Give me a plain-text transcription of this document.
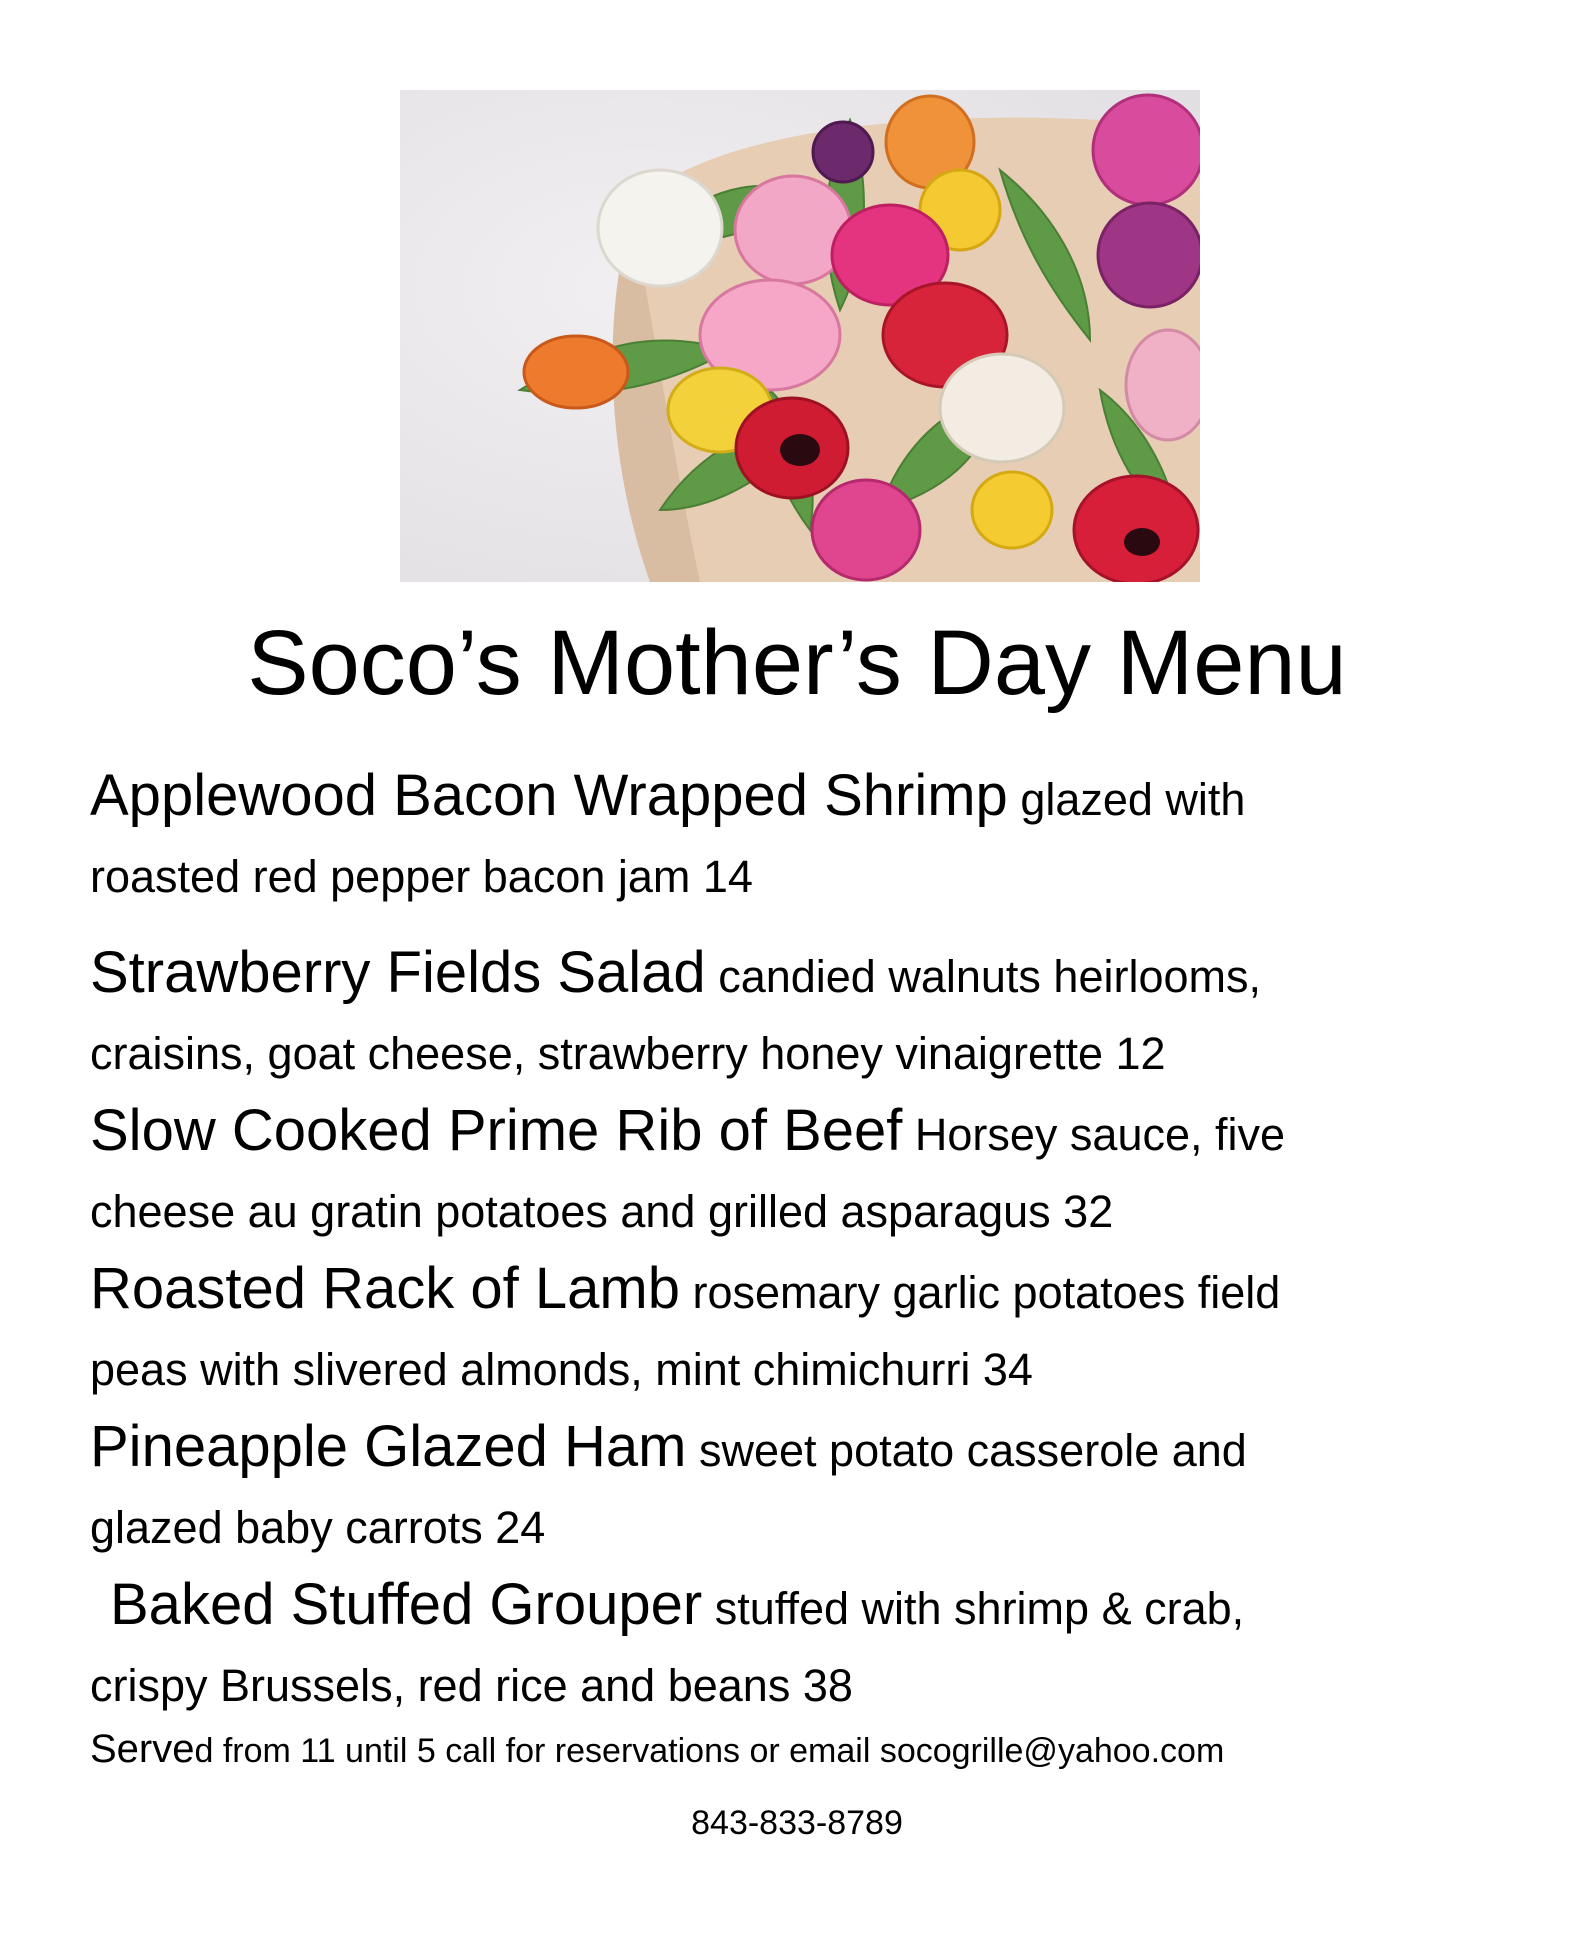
Soco’s Mother’s Day Menu
Applewood Bacon Wrapped Shrimp glazed with
roasted red pepper bacon jam 14
Strawberry Fields Salad candied walnuts heirlooms,
craisins, goat cheese, strawberry honey vinaigrette 12
Slow Cooked Prime Rib of Beef Horsey sauce, five
cheese au gratin potatoes and grilled asparagus 32
Roasted Rack of Lamb rosemary garlic potatoes field
peas with slivered almonds, mint chimichurri 34
Pineapple Glazed Ham sweet potato casserole and
glazed baby carrots 24
Baked Stuffed Grouper stuffed with shrimp & crab,
crispy Brussels, red rice and beans 38
Served from 11 until 5 call for reservations or email socogrille@yahoo.com
843-833-8789
